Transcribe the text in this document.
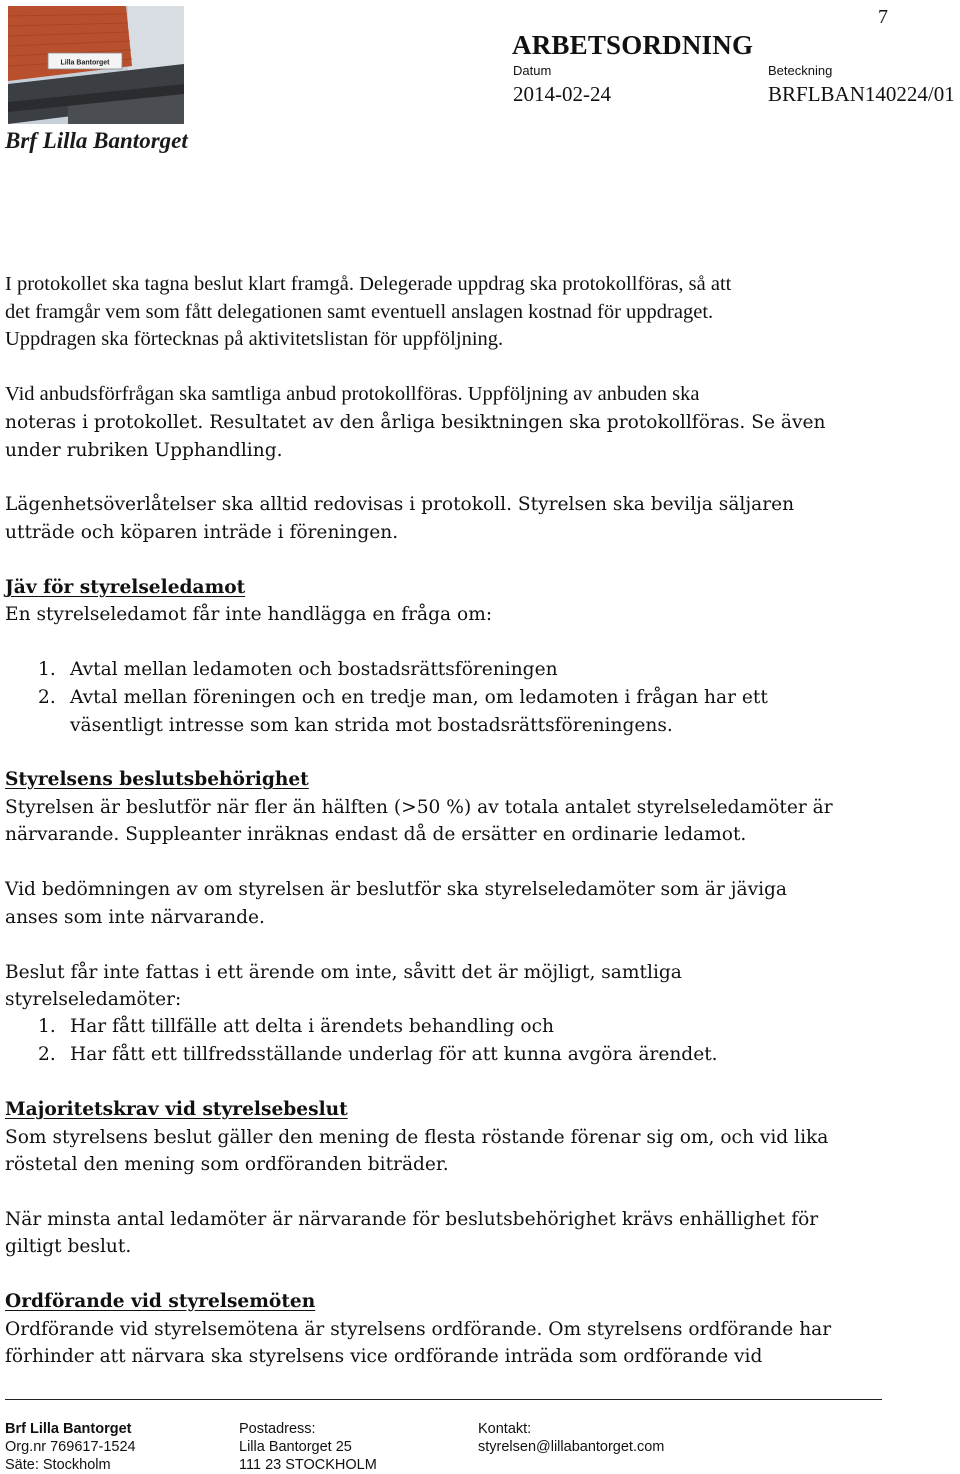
Lilla Bantorget
Brf Lilla Bantorget
7
ARBETSORDNING
Datum	Beteckning
2014-02-24	BRFLBAN140224/01
I protokollet ska tagna beslut klart framgå. Delegerade uppdrag ska protokollföras, så att
det framgår vem som fått delegationen samt eventuell anslagen kostnad för uppdraget.
Uppdragen ska förtecknas på aktivitetslistan för uppföljning.
Vid anbudsförfrågan ska samtliga anbud protokollföras. Uppföljning av anbuden ska
noteras i protokollet. Resultatet av den årliga besiktningen ska protokollföras. Se även
under rubriken Upphandling.
Lägenhetsöverlåtelser ska alltid redovisas i protokoll. Styrelsen ska bevilja säljaren
utträde och köparen inträde i föreningen.
Jäv för styrelseledamot
En styrelseledamot får inte handlägga en fråga om:
1. Avtal mellan ledamoten och bostadsrättsföreningen
2. Avtal mellan föreningen och en tredje man, om ledamoten i frågan har ett
väsentligt intresse som kan strida mot bostadsrättsföreningens.
Styrelsens beslutsbehörighet
Styrelsen är beslutför när fler än hälften (>50 %) av totala antalet styrelseledamöter är
närvarande. Suppleanter inräknas endast då de ersätter en ordinarie ledamot.
Vid bedömningen av om styrelsen är beslutför ska styrelseledamöter som är jäviga
anses som inte närvarande.
Beslut får inte fattas i ett ärende om inte, såvitt det är möjligt, samtliga
styrelseledamöter:
1. Har fått tillfälle att delta i ärendets behandling och
2. Har fått ett tillfredsställande underlag för att kunna avgöra ärendet.
Majoritetskrav vid styrelsebeslut
Som styrelsens beslut gäller den mening de flesta röstande förenar sig om, och vid lika
röstetal den mening som ordföranden biträder.
När minsta antal ledamöter är närvarande för beslutsbehörighet krävs enhällighet för
giltigt beslut.
Ordförande vid styrelsemöten
Ordförande vid styrelsemötena är styrelsens ordförande. Om styrelsens ordförande har
förhinder att närvara ska styrelsens vice ordförande inträda som ordförande vid
Brf Lilla Bantorget
Org.nr 769617-1524
Säte: Stockholm
Postadress:
Lilla Bantorget 25
111 23 STOCKHOLM
Kontakt:
styrelsen@lillabantorget.com
